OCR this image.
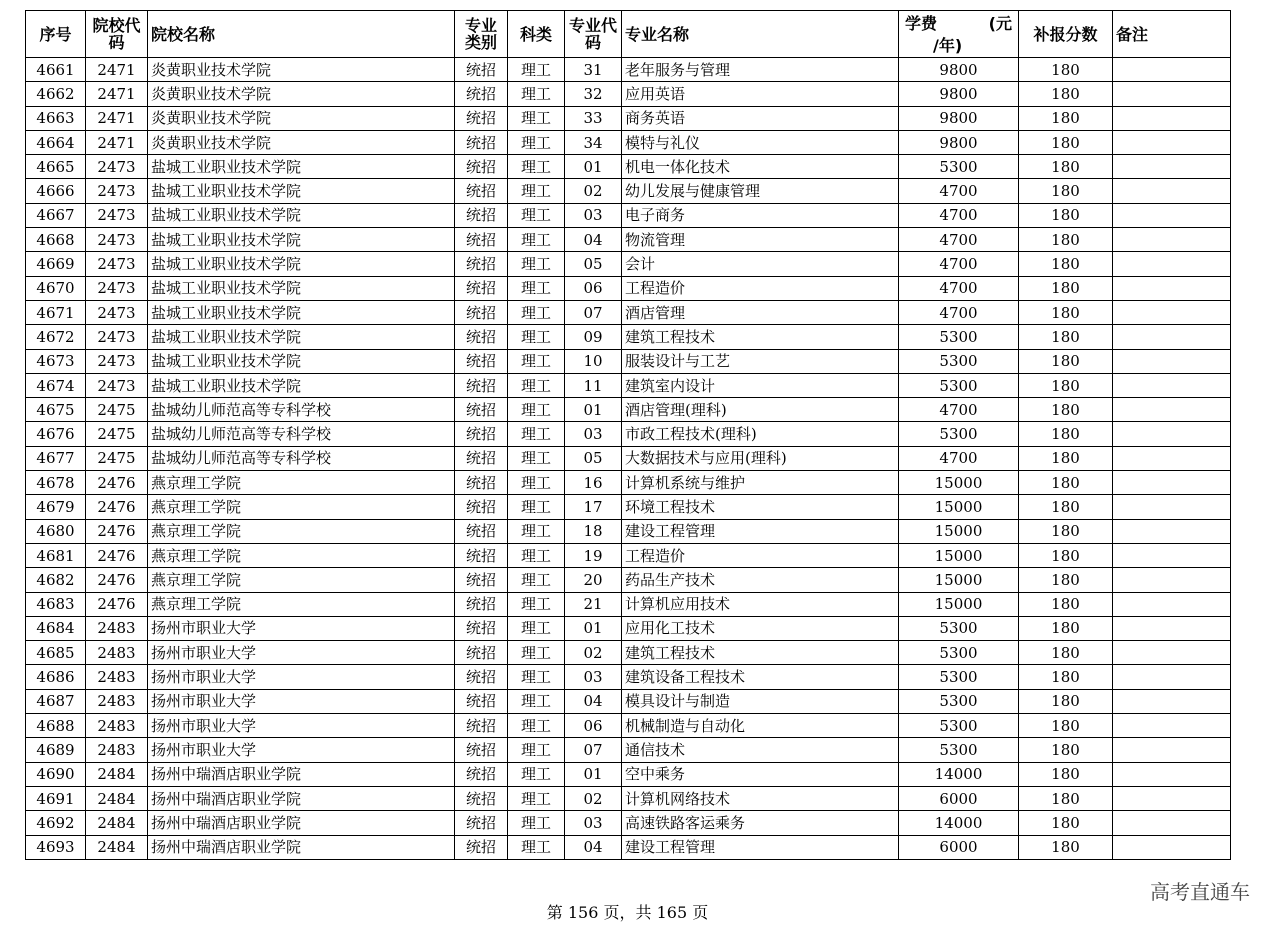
序号	院校代码	院校名称	专业类别	科类	专业代码	专业名称	学费 (元
/年)	补报分数	备注
4661	2471	炎黄职业技术学院	统招	理工	31	老年服务与管理	9800	180	
4662	2471	炎黄职业技术学院	统招	理工	32	应用英语	9800	180	
4663	2471	炎黄职业技术学院	统招	理工	33	商务英语	9800	180	
4664	2471	炎黄职业技术学院	统招	理工	34	模特与礼仪	9800	180	
4665	2473	盐城工业职业技术学院	统招	理工	01	机电一体化技术	5300	180	
4666	2473	盐城工业职业技术学院	统招	理工	02	幼儿发展与健康管理	4700	180	
4667	2473	盐城工业职业技术学院	统招	理工	03	电子商务	4700	180	
4668	2473	盐城工业职业技术学院	统招	理工	04	物流管理	4700	180	
4669	2473	盐城工业职业技术学院	统招	理工	05	会计	4700	180	
4670	2473	盐城工业职业技术学院	统招	理工	06	工程造价	4700	180	
4671	2473	盐城工业职业技术学院	统招	理工	07	酒店管理	4700	180	
4672	2473	盐城工业职业技术学院	统招	理工	09	建筑工程技术	5300	180	
4673	2473	盐城工业职业技术学院	统招	理工	10	服装设计与工艺	5300	180	
4674	2473	盐城工业职业技术学院	统招	理工	11	建筑室内设计	5300	180	
4675	2475	盐城幼儿师范高等专科学校	统招	理工	01	酒店管理(理科)	4700	180	
4676	2475	盐城幼儿师范高等专科学校	统招	理工	03	市政工程技术(理科)	5300	180	
4677	2475	盐城幼儿师范高等专科学校	统招	理工	05	大数据技术与应用(理科)	4700	180	
4678	2476	燕京理工学院	统招	理工	16	计算机系统与维护	15000	180	
4679	2476	燕京理工学院	统招	理工	17	环境工程技术	15000	180	
4680	2476	燕京理工学院	统招	理工	18	建设工程管理	15000	180	
4681	2476	燕京理工学院	统招	理工	19	工程造价	15000	180	
4682	2476	燕京理工学院	统招	理工	20	药品生产技术	15000	180	
4683	2476	燕京理工学院	统招	理工	21	计算机应用技术	15000	180	
4684	2483	扬州市职业大学	统招	理工	01	应用化工技术	5300	180	
4685	2483	扬州市职业大学	统招	理工	02	建筑工程技术	5300	180	
4686	2483	扬州市职业大学	统招	理工	03	建筑设备工程技术	5300	180	
4687	2483	扬州市职业大学	统招	理工	04	模具设计与制造	5300	180	
4688	2483	扬州市职业大学	统招	理工	06	机械制造与自动化	5300	180	
4689	2483	扬州市职业大学	统招	理工	07	通信技术	5300	180	
4690	2484	扬州中瑞酒店职业学院	统招	理工	01	空中乘务	14000	180	
4691	2484	扬州中瑞酒店职业学院	统招	理工	02	计算机网络技术	6000	180	
4692	2484	扬州中瑞酒店职业学院	统招	理工	03	高速铁路客运乘务	14000	180	
4693	2484	扬州中瑞酒店职业学院	统招	理工	04	建设工程管理	6000	180	
高考直通车
第 156 页，共 165 页
